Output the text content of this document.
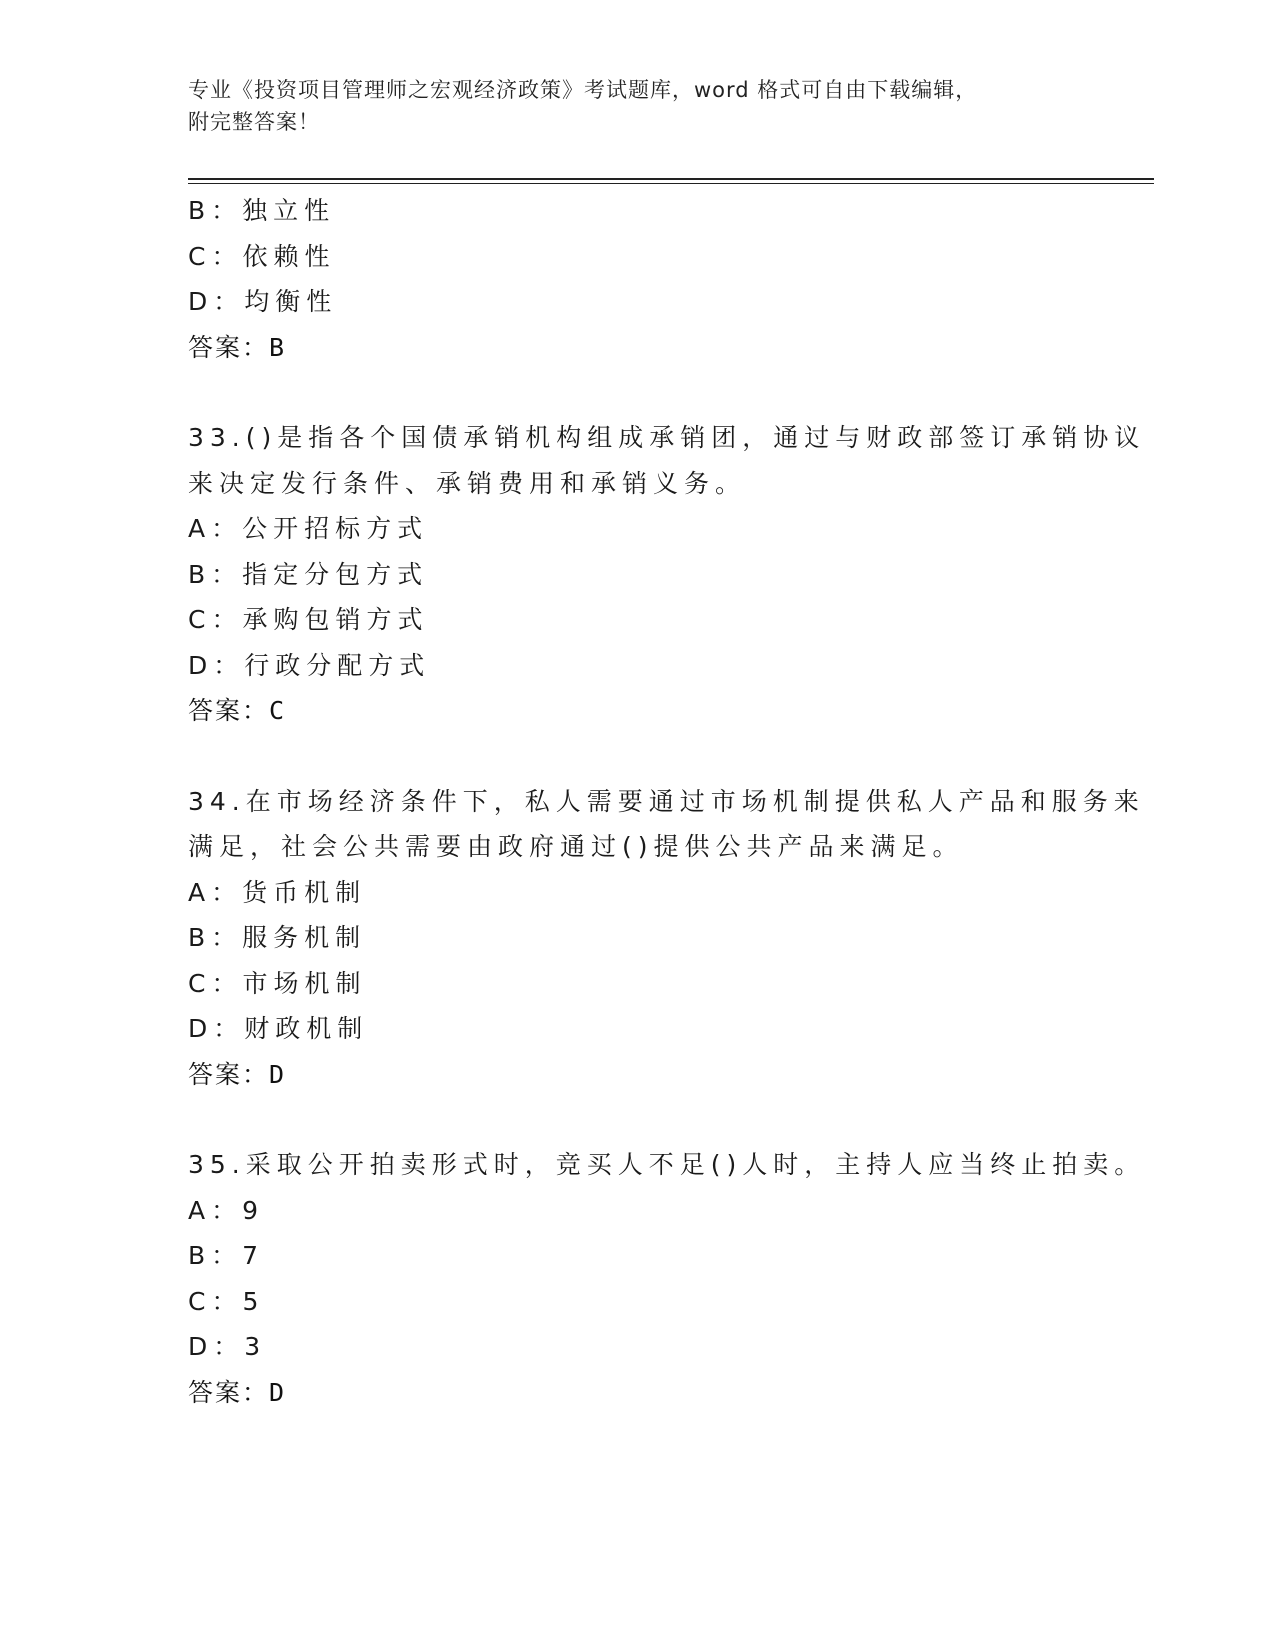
专业《投资项目管理师之宏观经济政策》考试题库，word 格式可自由下载编辑，
附完整答案！
B：独立性
C：依赖性
D：均衡性
答案：B
33.()是指各个国债承销机构组成承销团，通过与财政部签订承销协议
来决定发行条件、承销费用和承销义务。
A：公开招标方式
B：指定分包方式
C：承购包销方式
D：行政分配方式
答案：C
34.在市场经济条件下，私人需要通过市场机制提供私人产品和服务来
满足，社会公共需要由政府通过()提供公共产品来满足。
A：货币机制
B：服务机制
C：市场机制
D：财政机制
答案：D
35.采取公开拍卖形式时，竞买人不足()人时，主持人应当终止拍卖。
A：9
B：7
C：5
D：3
答案：D
